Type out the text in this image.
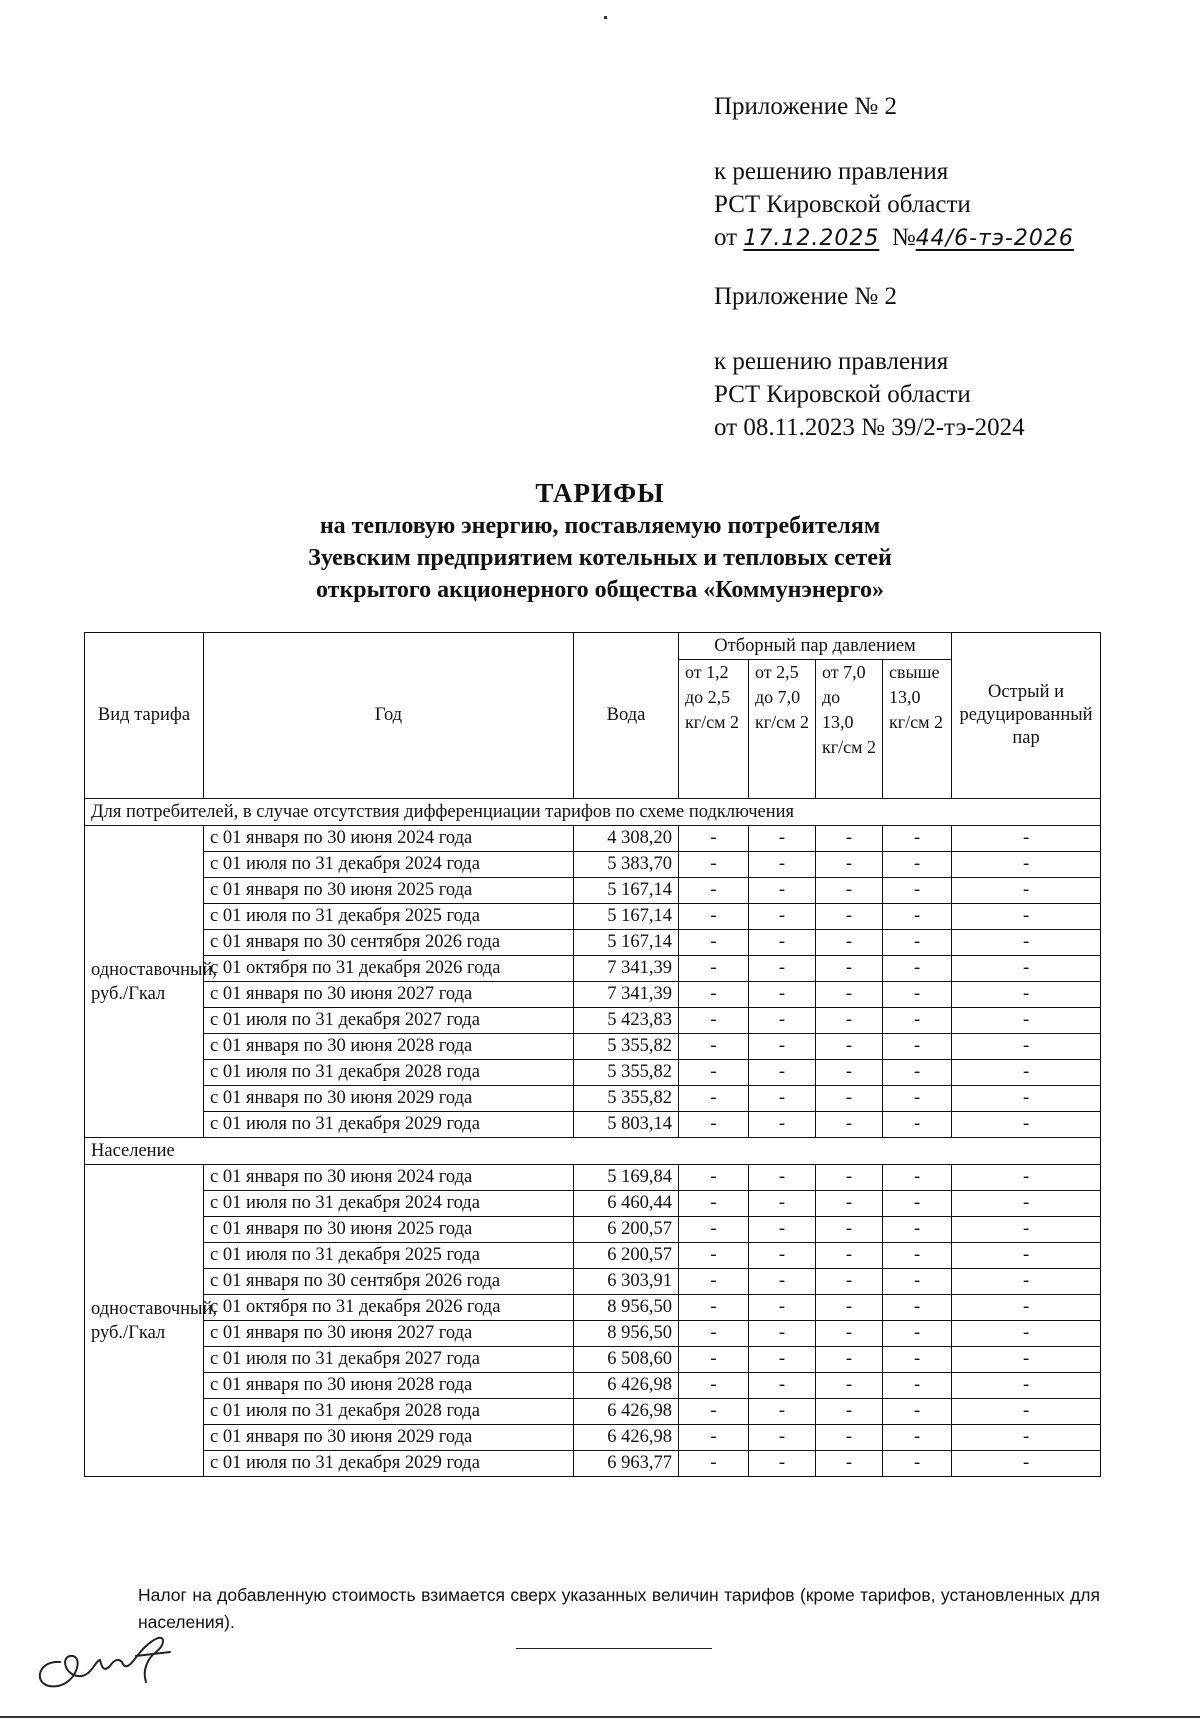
Приложение № 2
к решению правления
РСТ Кировской области
от 17.12.2025 №44/6-тэ-2026
Приложение № 2
к решению правления
РСТ Кировской области
от 08.11.2023 № 39/2-тэ-2024
ТАРИФЫ
на тепловую энергию, поставляемую потребителям
Зуевским предприятием котельных и тепловых сетей
открытого акционерного общества «Коммунэнерго»
Вид тарифа	Год	Вода	Отборный пар давлением				Острый и редуцированный пар
			от 1,2 до 2,5 кг/см 2	от 2,5 до 7,0 кг/см 2	от 7,0 до 13,0 кг/см 2	свыше 13,0 кг/см 2	
Для потребителей, в случае отсутствия дифференциации тарифов по схеме подключения							
одноставочный, руб./Гкал	с 01 января по 30 июня 2024 года	4 308,20	-	-	-	-	-
	с 01 июля по 31 декабря 2024 года	5 383,70	-	-	-	-	-
	с 01 января по 30 июня 2025 года	5 167,14	-	-	-	-	-
	с 01 июля по 31 декабря 2025 года	5 167,14	-	-	-	-	-
	с 01 января по 30 сентября 2026 года	5 167,14	-	-	-	-	-
	с 01 октября по 31 декабря 2026 года	7 341,39	-	-	-	-	-
	с 01 января по 30 июня 2027 года	7 341,39	-	-	-	-	-
	с 01 июля по 31 декабря 2027 года	5 423,83	-	-	-	-	-
	с 01 января по 30 июня 2028 года	5 355,82	-	-	-	-	-
	с 01 июля по 31 декабря 2028 года	5 355,82	-	-	-	-	-
	с 01 января по 30 июня 2029 года	5 355,82	-	-	-	-	-
	с 01 июля по 31 декабря 2029 года	5 803,14	-	-	-	-	-
Население							
одноставочный, руб./Гкал	с 01 января по 30 июня 2024 года	5 169,84	-	-	-	-	-
	с 01 июля по 31 декабря 2024 года	6 460,44	-	-	-	-	-
	с 01 января по 30 июня 2025 года	6 200,57	-	-	-	-	-
	с 01 июля по 31 декабря 2025 года	6 200,57	-	-	-	-	-
	с 01 января по 30 сентября 2026 года	6 303,91	-	-	-	-	-
	с 01 октября по 31 декабря 2026 года	8 956,50	-	-	-	-	-
	с 01 января по 30 июня 2027 года	8 956,50	-	-	-	-	-
	с 01 июля по 31 декабря 2027 года	6 508,60	-	-	-	-	-
	с 01 января по 30 июня 2028 года	6 426,98	-	-	-	-	-
	с 01 июля по 31 декабря 2028 года	6 426,98	-	-	-	-	-
	с 01 января по 30 июня 2029 года	6 426,98	-	-	-	-	-
	с 01 июля по 31 декабря 2029 года	6 963,77	-	-	-	-	-
Налог на добавленную стоимость взимается сверх указанных величин тарифов (кроме тарифов, установленных для населения).
